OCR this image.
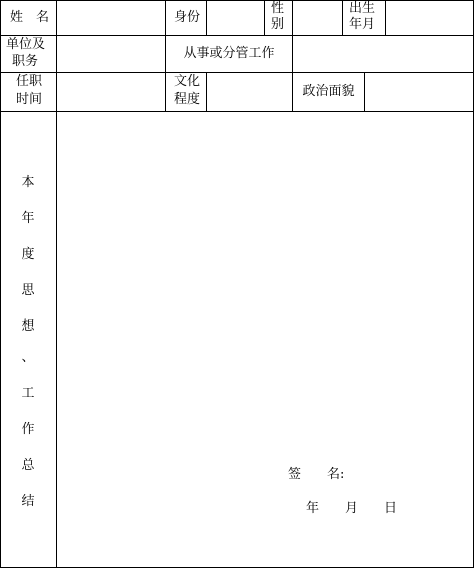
姓　名	身份
性
别
出生
年月
单位及
职务
从事或分管工作
任职
时间
文化
程度
政治面貌
本
年
度
思
想
、
工
作
总
结
签　　名:
年　　月　　日
